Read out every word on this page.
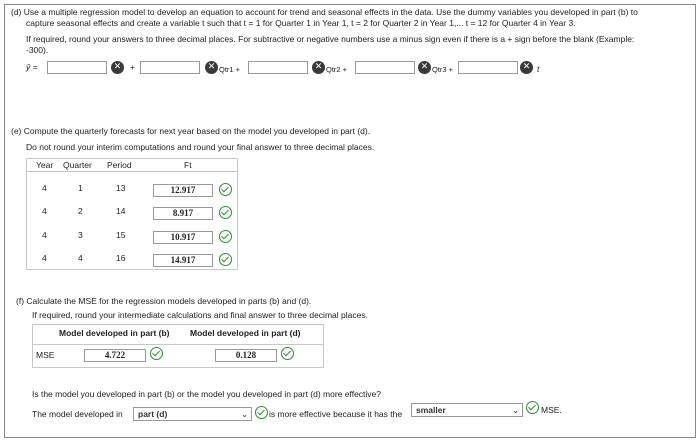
(d) Use a multiple regression model to develop an equation to account for trend and seasonal effects in the data. Use the dummy variables you developed in part (b) to
capture seasonal effects and create a variable t such that t = 1 for Quarter 1 in Year 1, t = 2 for Quarter 2 in Year 1,... t = 12 for Quarter 4 in Year 3.
If required, round your answers to three decimal places. For subtractive or negative numbers use a minus sign even if there is a + sign before the blank (Example:
-300).
ŷ =	✕	+	✕ Qtr1 +	✕ Qtr2 +	✕ Qtr3 +	✕ t
(e) Compute the quarterly forecasts for next year based on the model you developed in part (d).
Do not round your interim computations and round your final answer to three decimal places.
Year Quarter Period	Ft
4	1	13	12.917
4	2	14	8.917
4	3	15	10.917
4	4	16	14.917
(f) Calculate the MSE for the regression models developed in parts (b) and (d).
If required, round your intermediate calculations and final answer to three decimal places.
Model developed in part (b) Model developed in part (d)
MSE	4.722	0.128
Is the model you developed in part (b) or the model you developed in part (d) more effective?
The model developed in	part (d)	⌄ is more effective because it has the	smaller	⌄	MSE.
